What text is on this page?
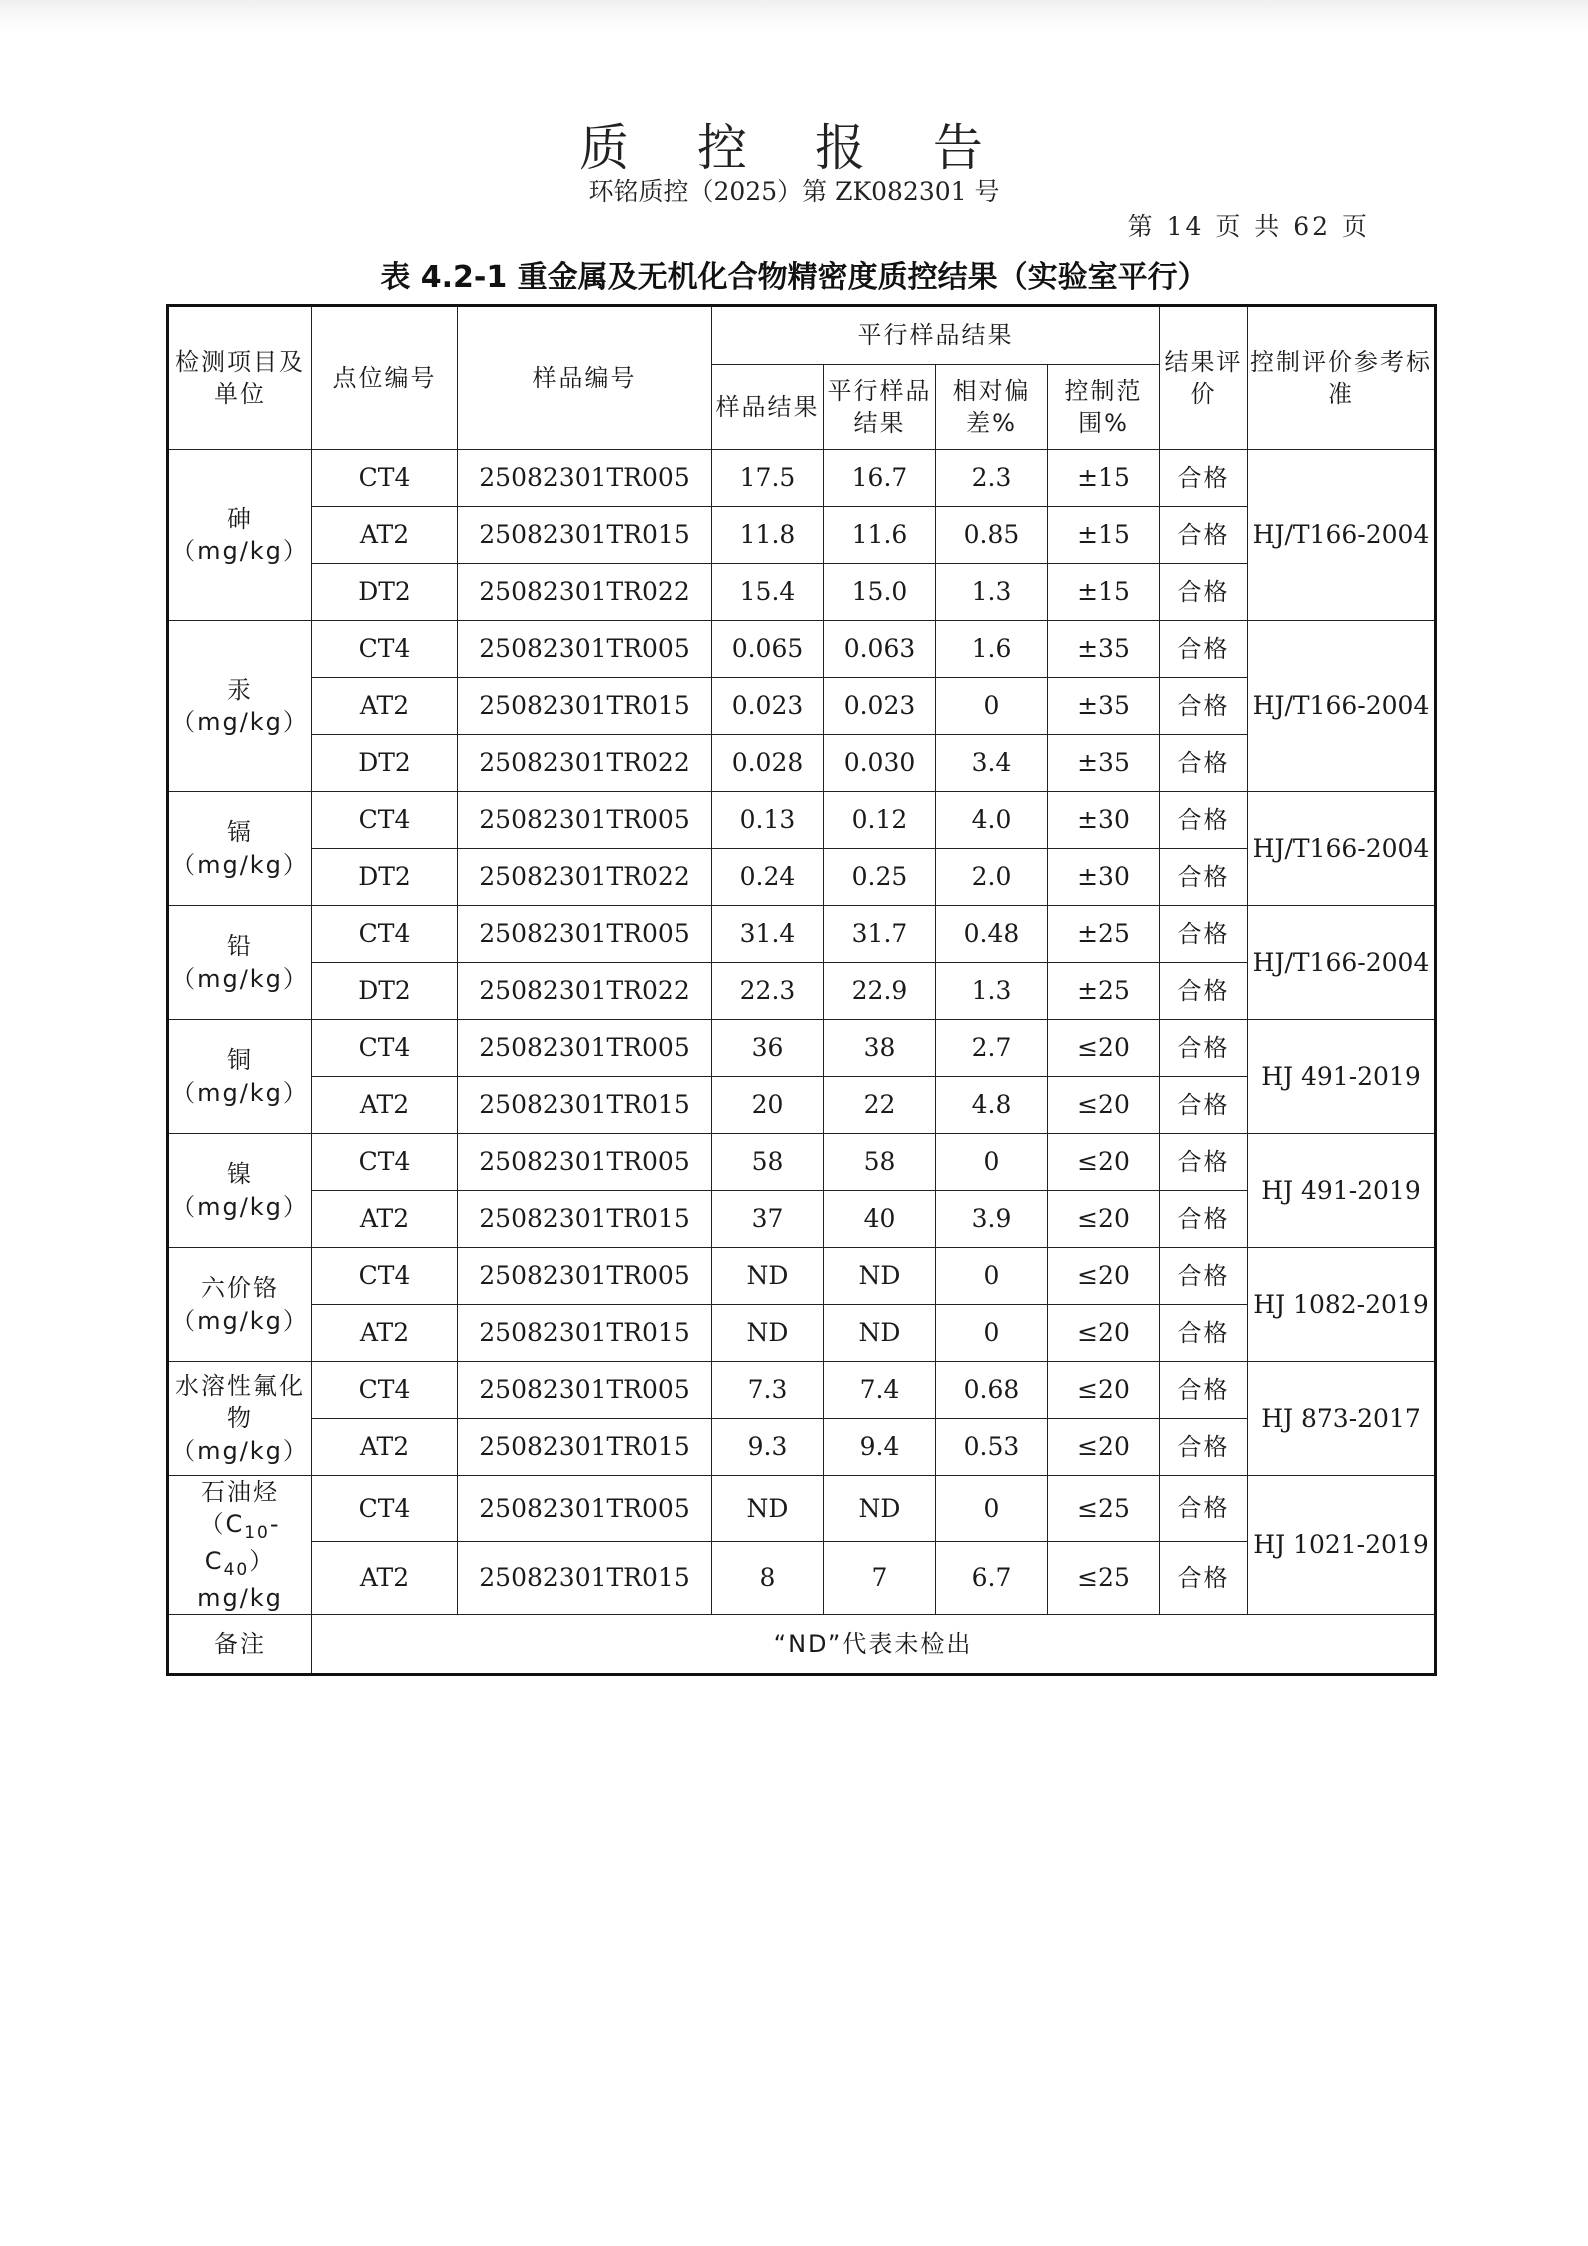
质 控 报 告
环铭质控（2025）第 ZK082301 号
第 14 页 共 62 页
表 4.2-1 重金属及无机化合物精密度质控结果（实验室平行）
检测项目及单位	点位编号	样品编号	平行样品结果				结果评价	控制评价参考标准
			样品结果	平行样品结果	相对偏差%	控制范围%		

砷
（mg/kg）	CT4	25082301TR005	17.5	16.7	2.3	±15	合格	HJ/T166-2004
	AT2	25082301TR015	11.8	11.6	0.85	±15	合格	
	DT2	25082301TR022	15.4	15.0	1.3	±15	合格	

汞
（mg/kg）	CT4	25082301TR005	0.065	0.063	1.6	±35	合格	HJ/T166-2004
	AT2	25082301TR015	0.023	0.023	0	±35	合格	
	DT2	25082301TR022	0.028	0.030	3.4	±35	合格	

镉
（mg/kg）	CT4	25082301TR005	0.13	0.12	4.0	±30	合格	HJ/T166-2004
	DT2	25082301TR022	0.24	0.25	2.0	±30	合格	

铅
（mg/kg）	CT4	25082301TR005	31.4	31.7	0.48	±25	合格	HJ/T166-2004
	DT2	25082301TR022	22.3	22.9	1.3	±25	合格	

铜
（mg/kg）	CT4	25082301TR005	36	38	2.7	≤20	合格	HJ 491-2019
	AT2	25082301TR015	20	22	4.8	≤20	合格	

镍
（mg/kg）	CT4	25082301TR005	58	58	0	≤20	合格	HJ 491-2019
	AT2	25082301TR015	37	40	3.9	≤20	合格	

六价铬
（mg/kg）	CT4	25082301TR005	ND	ND	0	≤20	合格	HJ 1082-2019
	AT2	25082301TR015	ND	ND	0	≤20	合格	

水溶性氟化
物（mg/kg）	CT4	25082301TR005	7.3	7.4	0.68	≤20	合格	HJ 873-2017
	AT2	25082301TR015	9.3	9.4	0.53	≤20	合格	

石油烃
$(C_{10}-C_{40})$
mg/kg	CT4	25082301TR005	ND	ND	0	≤25	合格	HJ 1021-2019
	AT2	25082301TR015	8	7	6.7	≤25	合格	
备注	“ND”代表未检出							
